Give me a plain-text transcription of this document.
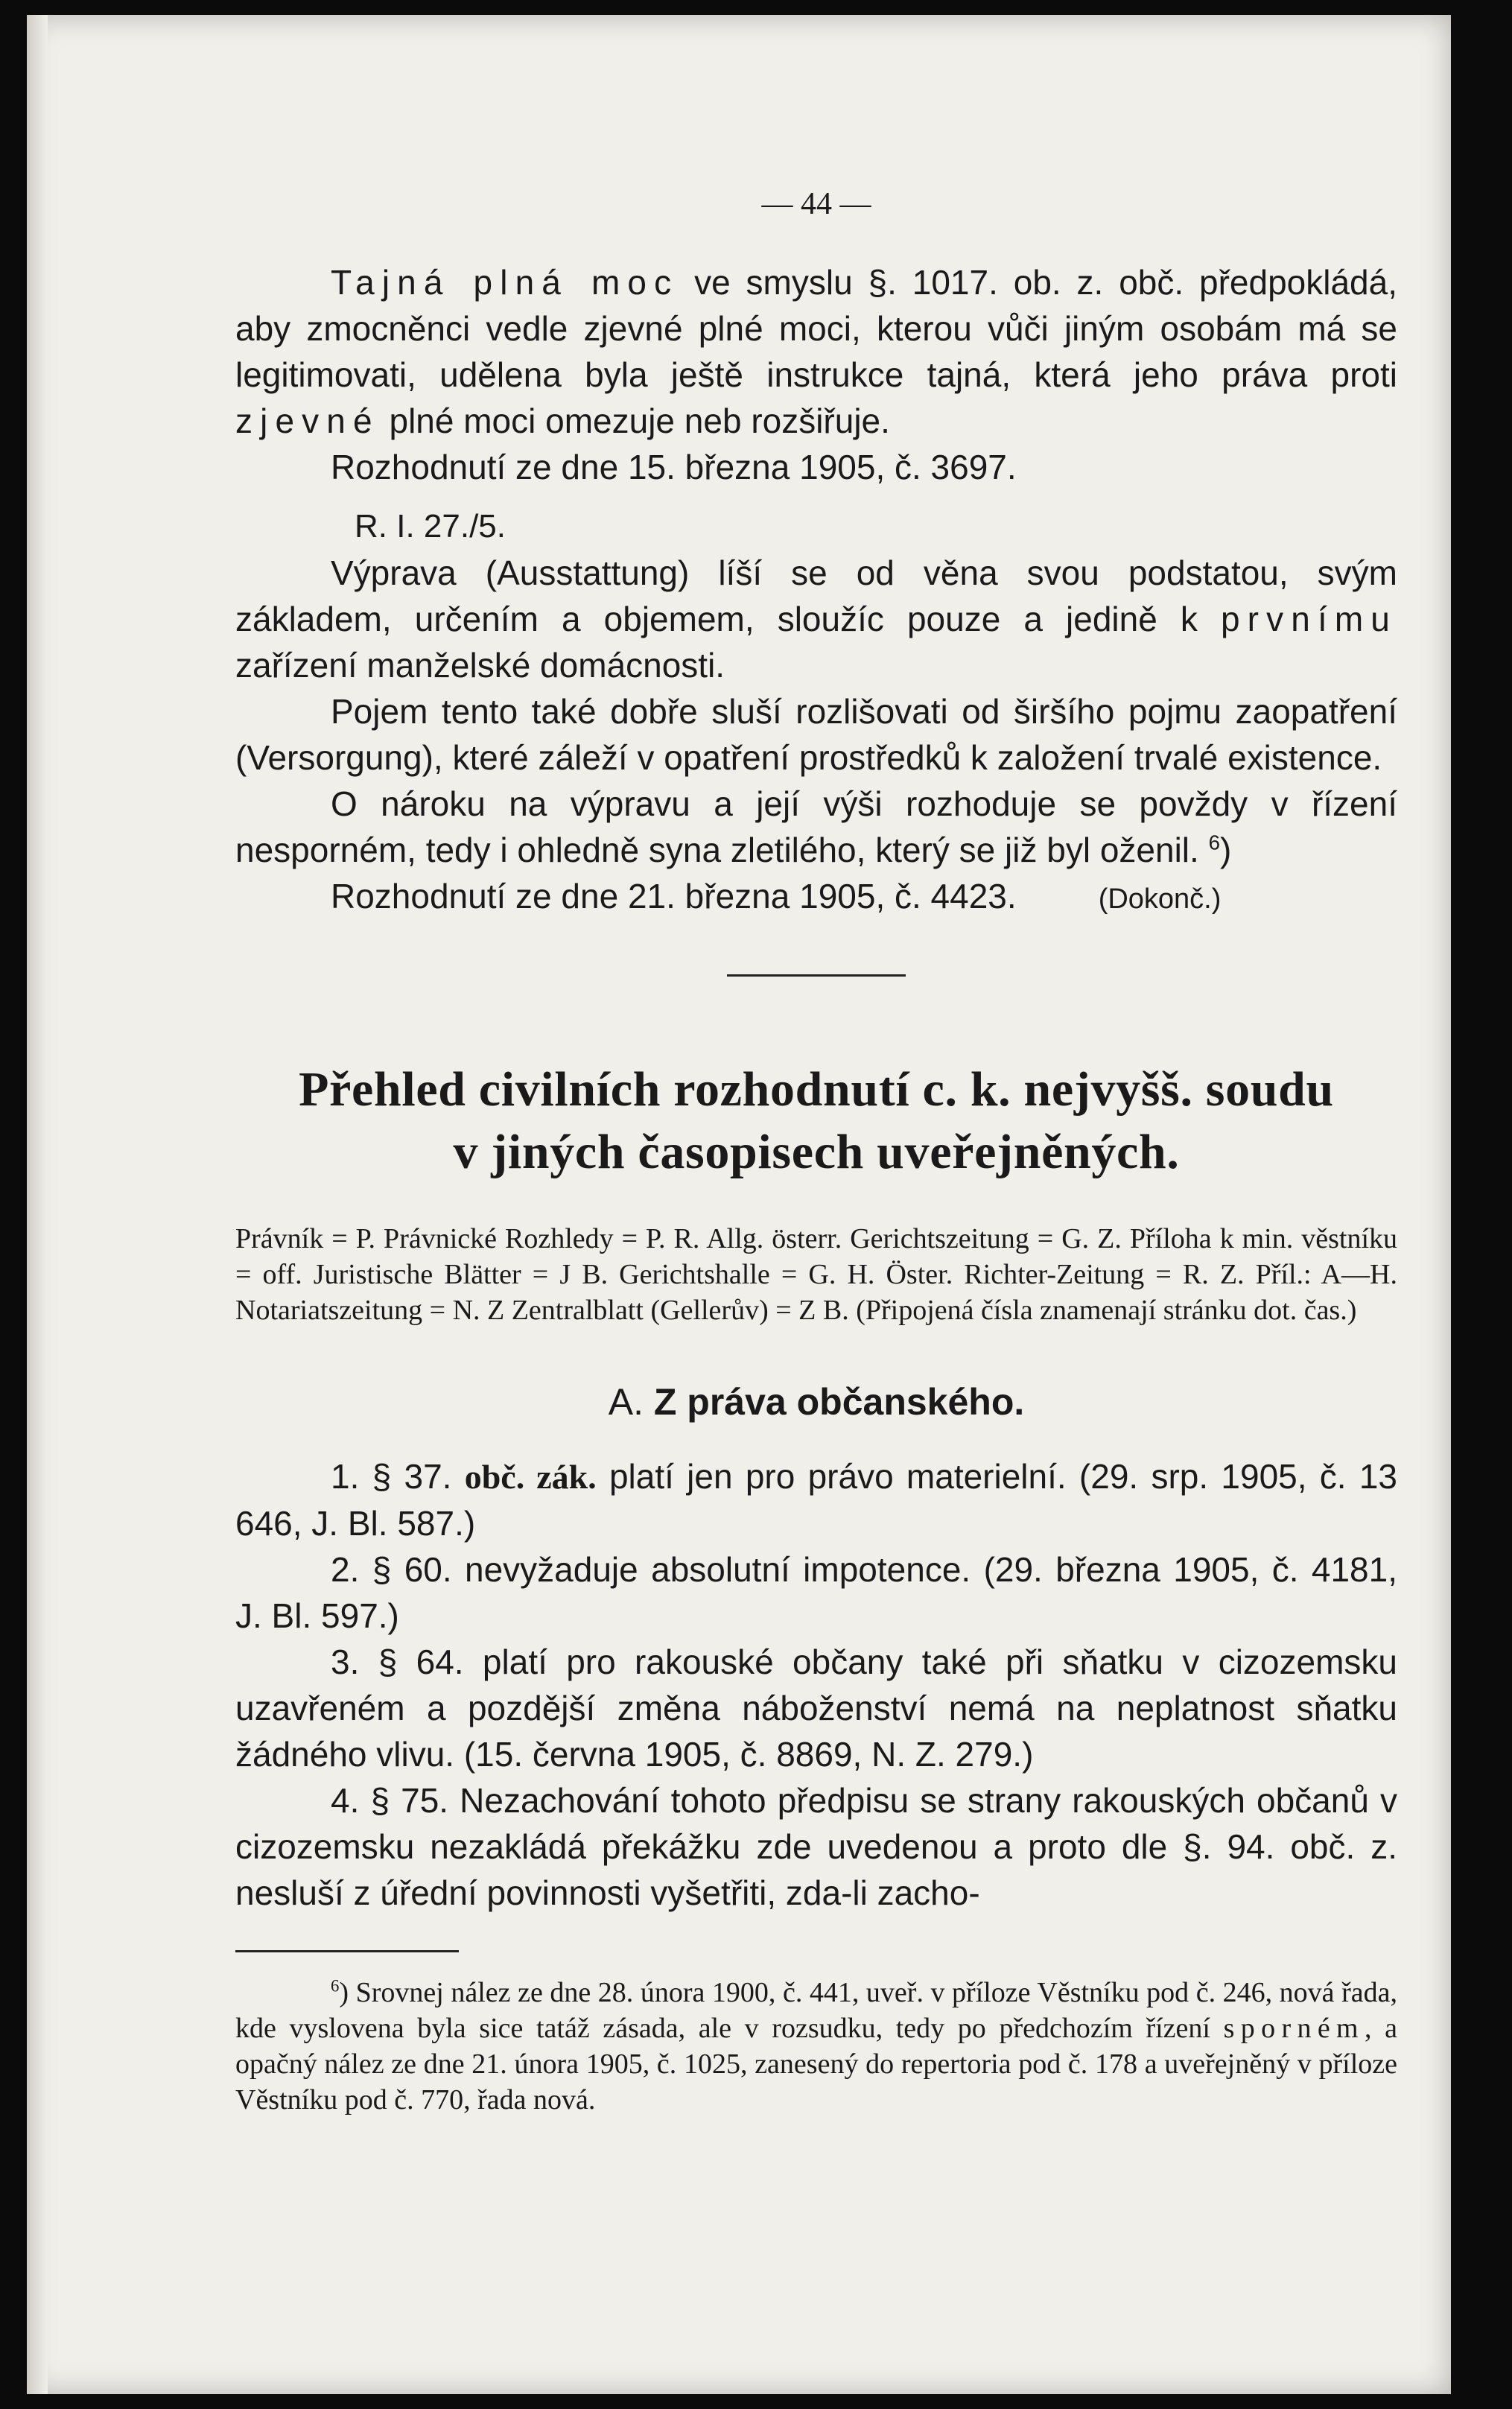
— 44 —

Tajná plná moc ve smyslu §. 1017. ob. z. obč. předpokládá, aby zmocněnci vedle zjevné plné moci, kterou vůči jiným osobám má se legitimovati, udělena byla ještě instrukce tajná, která jeho práva proti zjevné plné moci omezuje neb rozšiřuje.

Rozhodnutí ze dne 15. března 1905, č. 3697.

R. I. 27./5.

Výprava (Ausstattung) líší se od věna svou podstatou, svým základem, určením a objemem, sloužíc pouze a jedině k prvnímu zařízení manželské domácnosti.

Pojem tento také dobře sluší rozlišovati od širšího pojmu zaopatření (Versorgung), které záleží v opatření prostředků k založení trvalé existence.

O nároku na výpravu a její výši rozhoduje se povždy v řízení nesporném, tedy i ohledně syna zletilého, který se již byl oženil. $^6$)

Rozhodnutí ze dne 21. března 1905, č. 4423.	(Dokonč.)

Přehled civilních rozhodnutí c. k. nejvyšš. soudu
v jiných časopisech uveřejněných.

Právník = P. Právnické Rozhledy = P. R. Allg. österr. Gerichtszeitung = G. Z. Příloha k min. věstníku = off. Juristische Blätter = J B. Gerichtshalle = G. H. Öster. Richter-Zeitung = R. Z. Příl.: A—H. Notariatszeitung = N. Z Zentralblatt (Gellerův) = Z B. (Připojená čísla znamenají stránku dot. čas.)

A. Z práva občanského.

1. § 37. obč. zák. platí jen pro právo materielní. (29. srp. 1905, č. 13 646, J. Bl. 587.)

2. § 60. nevyžaduje absolutní impotence. (29. března 1905, č. 4181, J. Bl. 597.)

3. § 64. platí pro rakouské občany také při sňatku v cizozemsku uzavřeném a pozdější změna náboženství nemá na neplatnost sňatku žádného vlivu. (15. června 1905, č. 8869, N. Z. 279.)

4. § 75. Nezachování tohoto předpisu se strany rakouských občanů v cizozemsku nezakládá překážku zde uvedenou a proto dle §. 94. obč. z. nesluší z úřední povinnosti vyšetřiti, zda-li zacho-

$^6$) Srovnej nález ze dne 28. února 1900, č. 441, uveř. v příloze Věstníku pod č. 246, nová řada, kde vyslovena byla sice tatáž zásada, ale v rozsudku, tedy po předchozím řízení sporném, a opačný nález ze dne 21. února 1905, č. 1025, zanesený do repertoria pod č. 178 a uveřejněný v příloze Věstníku pod č. 770, řada nová.
